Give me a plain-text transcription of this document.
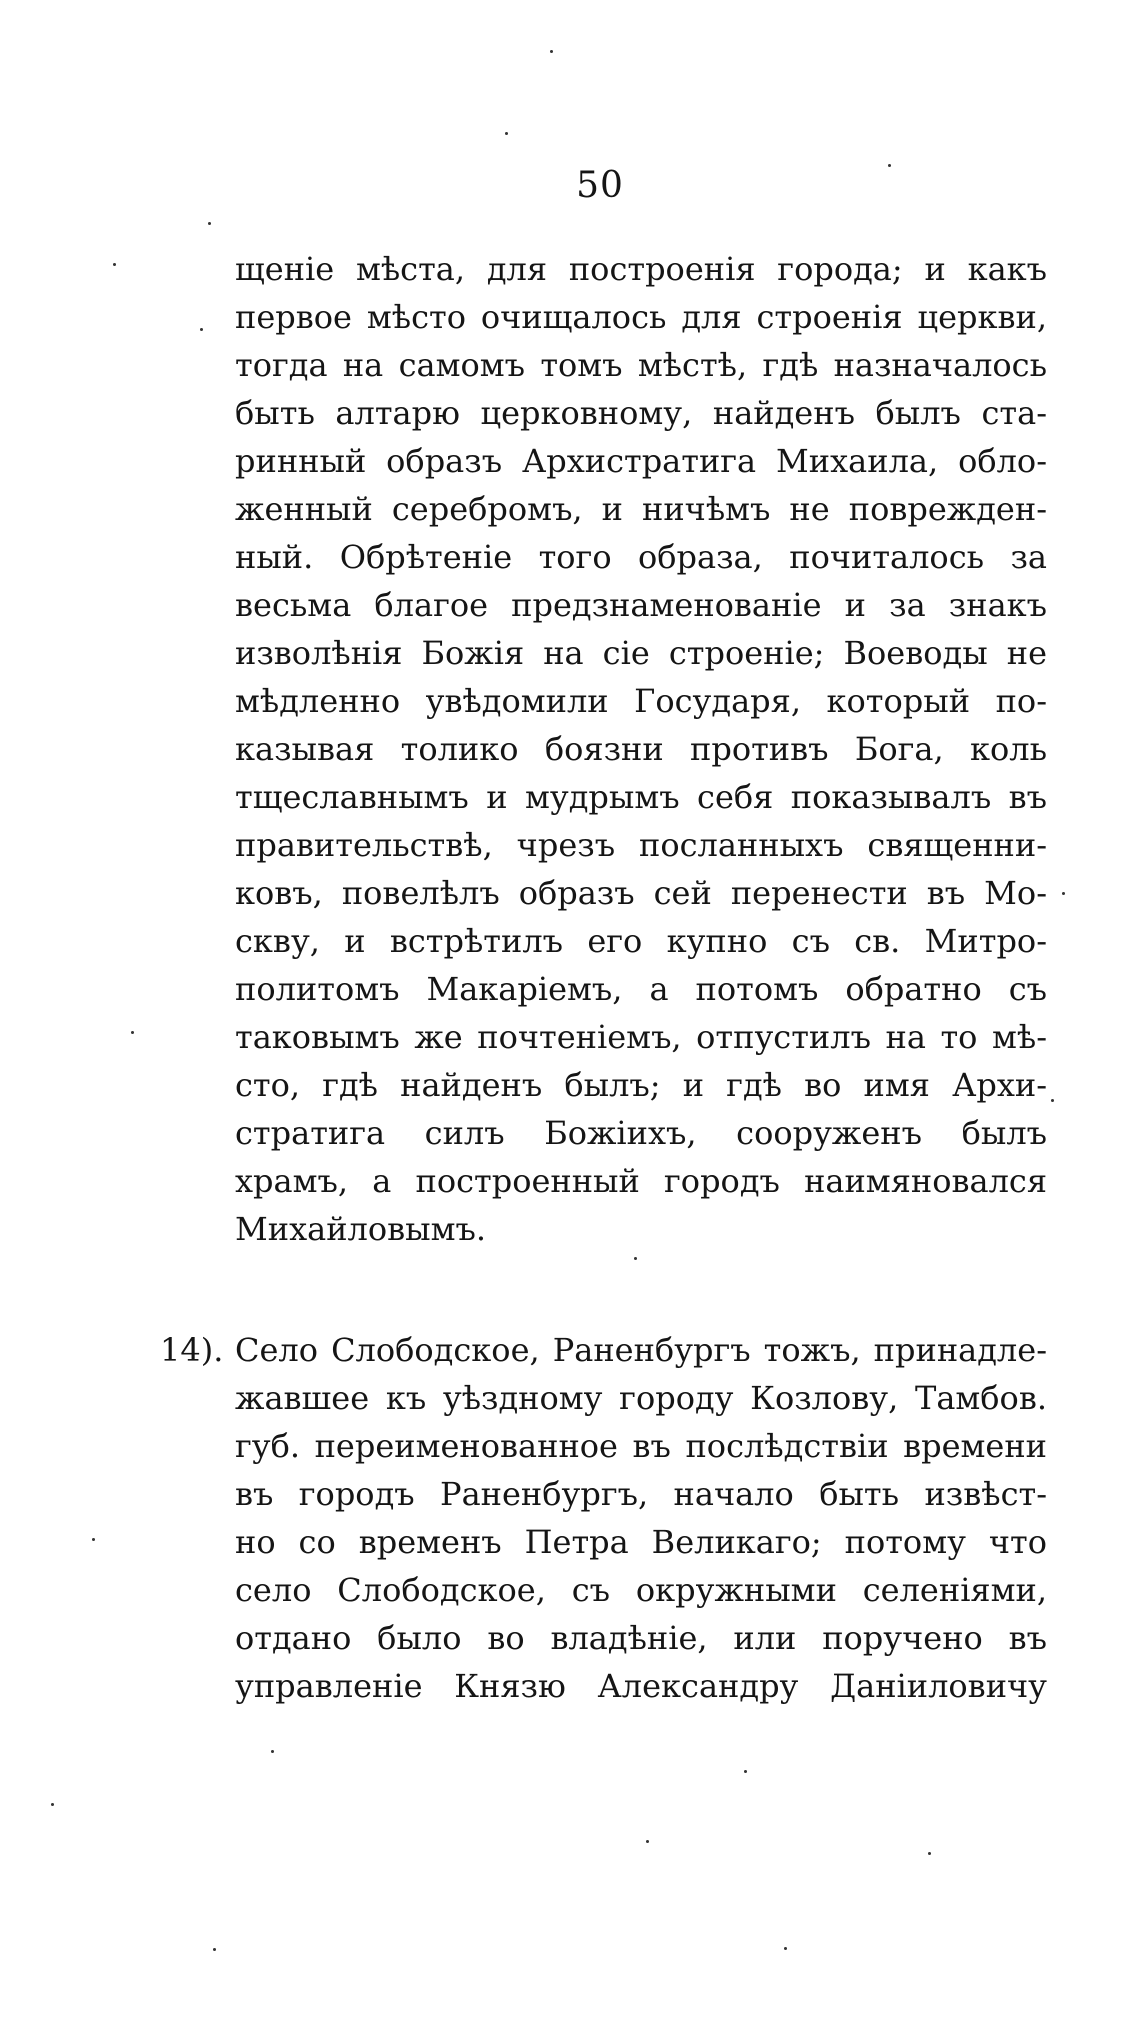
50
щеніе мѣста, для построенія города; и какъ
первое мѣсто очищалось для строенія церкви,
тогда на самомъ томъ мѣстѣ, гдѣ назначалось
быть алтарю церковному, найденъ былъ ста-
ринный образъ Архистратига Михаила, обло-
женный серебромъ, и ничѣмъ не поврежден-
ный. Обрѣтеніе того образа, почиталось за
весьма благое предзнаменованіе и за знакъ
изволѣнія Божія на сіе строеніе; Воеводы не
мѣдленно увѣдомили Государя, который по-
казывая толико боязни противъ Бога, коль
тщеславнымъ и мудрымъ себя показывалъ въ
правительствѣ, чрезъ посланныхъ священни-
ковъ, повелѣлъ образъ сей перенести въ Мо-
скву, и встрѣтилъ его купно съ св. Митро-
политомъ Макаріемъ, а потомъ обратно съ
таковымъ же почтеніемъ, отпустилъ на то мѣ-
сто, гдѣ найденъ былъ; и гдѣ во имя Архи-
стратига силъ Божіихъ, сооруженъ былъ
храмъ, а построенный городъ наимяновался
Михайловымъ.
14). Село Слободское, Раненбургъ тожъ, принадле-
жавшее къ уѣздному городу Козлову, Тамбов.
губ. переименованное въ послѣдствіи времени
въ городъ Раненбургъ, начало быть извѣст-
но со временъ Петра Великаго; потому что
село Слободское, съ окружными селеніями,
отдано было во владѣніе, или поручено въ
управленіе Князю Александру Даніиловичу
